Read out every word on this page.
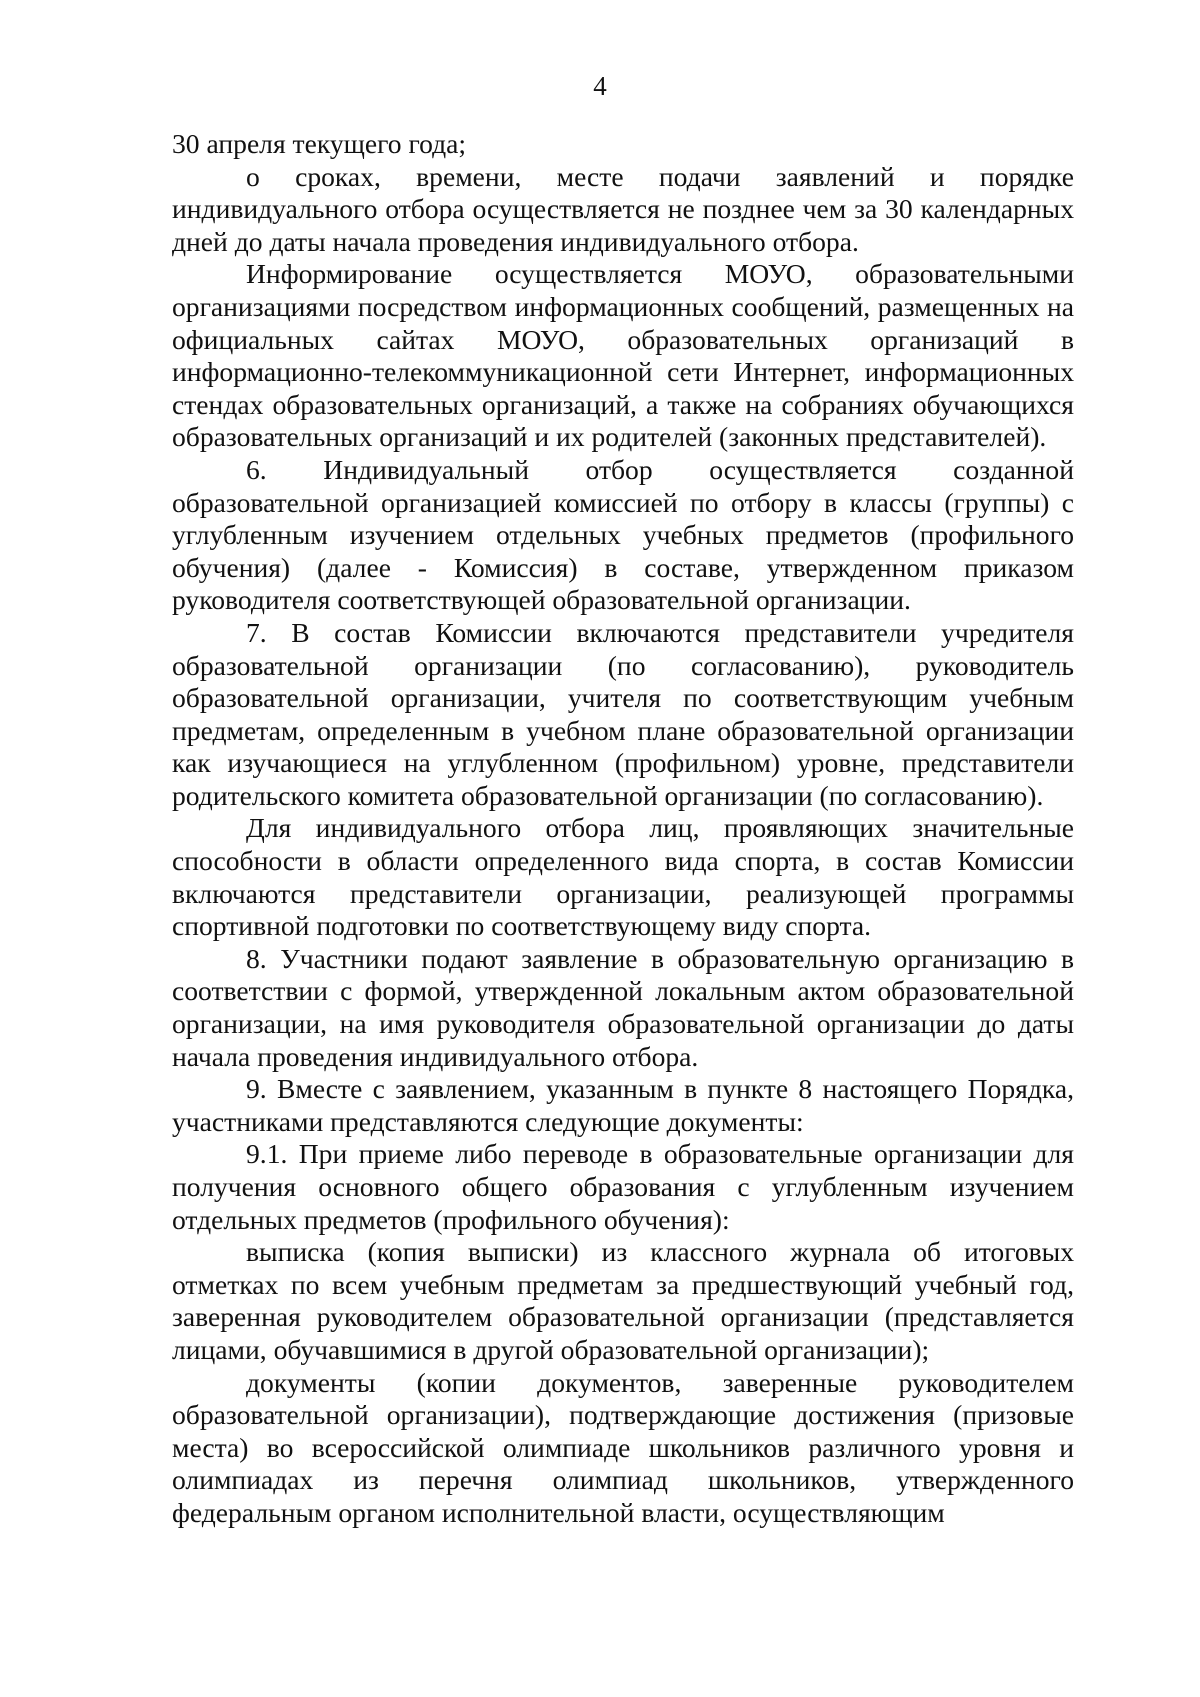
4

30 апреля текущего года;

о сроках, времени, месте подачи заявлений и порядке индивидуального отбора осуществляется не позднее чем за 30 календарных дней до даты начала проведения индивидуального отбора.

Информирование осуществляется МОУО, образовательными организациями посредством информационных сообщений, размещенных на официальных сайтах МОУО, образовательных организаций в информационно-телекоммуникационной сети Интернет, информационных стендах образовательных организаций, а также на собраниях обучающихся образовательных организаций и их родителей (законных представителей).

6. Индивидуальный отбор осуществляется созданной образовательной организацией комиссией по отбору в классы (группы) с углубленным изучением отдельных учебных предметов (профильного обучения) (далее - Комиссия) в составе, утвержденном приказом руководителя соответствующей образовательной организации.

7. В состав Комиссии включаются представители учредителя образовательной организации (по согласованию), руководитель образовательной организации, учителя по соответствующим учебным предметам, определенным в учебном плане образовательной организации как изучающиеся на углубленном (профильном) уровне, представители родительского комитета образовательной организации (по согласованию).

Для индивидуального отбора лиц, проявляющих значительные способности в области определенного вида спорта, в состав Комиссии включаются представители организации, реализующей программы спортивной подготовки по соответствующему виду спорта.

8. Участники подают заявление в образовательную организацию в соответствии с формой, утвержденной локальным актом образовательной организации, на имя руководителя образовательной организации до даты начала проведения индивидуального отбора.

9. Вместе с заявлением, указанным в пункте 8 настоящего Порядка, участниками представляются следующие документы:

9.1. При приеме либо переводе в образовательные организации для получения основного общего образования с углубленным изучением отдельных предметов (профильного обучения):

выписка (копия выписки) из классного журнала об итоговых отметках по всем учебным предметам за предшествующий учебный год, заверенная руководителем образовательной организации (представляется лицами, обучавшимися в другой образовательной организации);

документы (копии документов, заверенные руководителем образовательной организации), подтверждающие достижения (призовые места) во всероссийской олимпиаде школьников различного уровня и олимпиадах из перечня олимпиад школьников, утвержденного федеральным органом исполнительной власти, осуществляющим
